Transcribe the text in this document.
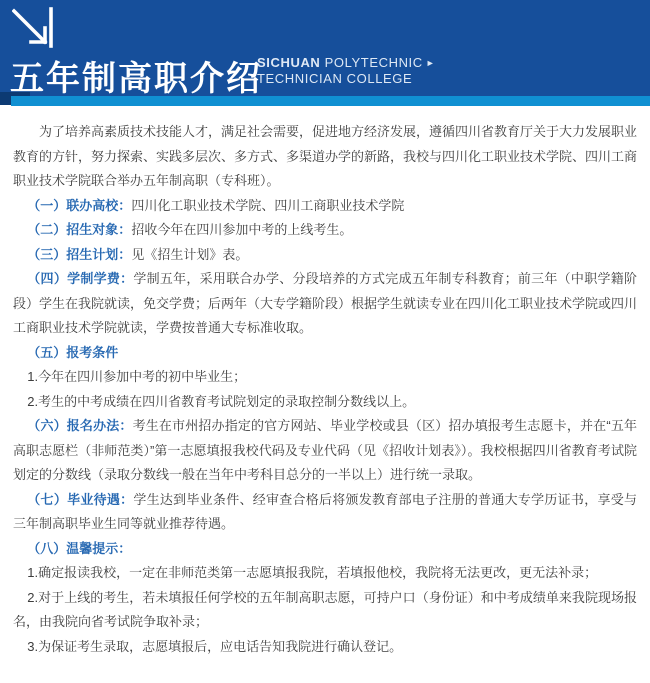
五年制高职介绍
SICHUAN POLYTECHNIC ►
TECHNICIAN COLLEGE

为了培养高素质技术技能人才，满足社会需要，促进地方经济发展，遵循四川省教育厅关于大力发展职业教育的方针，努力探索、实践多层次、多方式、多渠道办学的新路，我校与四川化工职业技术学院、四川工商职业技术学院联合举办五年制高职（专科班）。

（一）联办高校：四川化工职业技术学院、四川工商职业技术学院

（二）招生对象：招收今年在四川参加中考的上线考生。

（三）招生计划：见《招生计划》表。

（四）学制学费：学制五年，采用联合办学、分段培养的方式完成五年制专科教育；前三年（中职学籍阶段）学生在我院就读，免交学费；后两年（大专学籍阶段）根据学生就读专业在四川化工职业技术学院或四川工商职业技术学院就读，学费按普通大专标准收取。

（五）报考条件

1.今年在四川参加中考的初中毕业生；

2.考生的中考成绩在四川省教育考试院划定的录取控制分数线以上。

（六）报名办法：考生在市州招办指定的官方网站、毕业学校或县（区）招办填报考生志愿卡，并在“五年高职志愿栏（非师范类）”第一志愿填报我校代码及专业代码（见《招收计划表》）。我校根据四川省教育考试院划定的分数线（录取分数线一般在当年中考科目总分的一半以上）进行统一录取。

（七）毕业待遇：学生达到毕业条件、经审查合格后将颁发教育部电子注册的普通大专学历证书，享受与三年制高职毕业生同等就业推荐待遇。

（八）温馨提示：

1.确定报读我校，一定在非师范类第一志愿填报我院，若填报他校，我院将无法更改，更无法补录；

2.对于上线的考生，若未填报任何学校的五年制高职志愿，可持户口（身份证）和中考成绩单来我院现场报名，由我院向省考试院争取补录；

3.为保证考生录取，志愿填报后，应电话告知我院进行确认登记。
